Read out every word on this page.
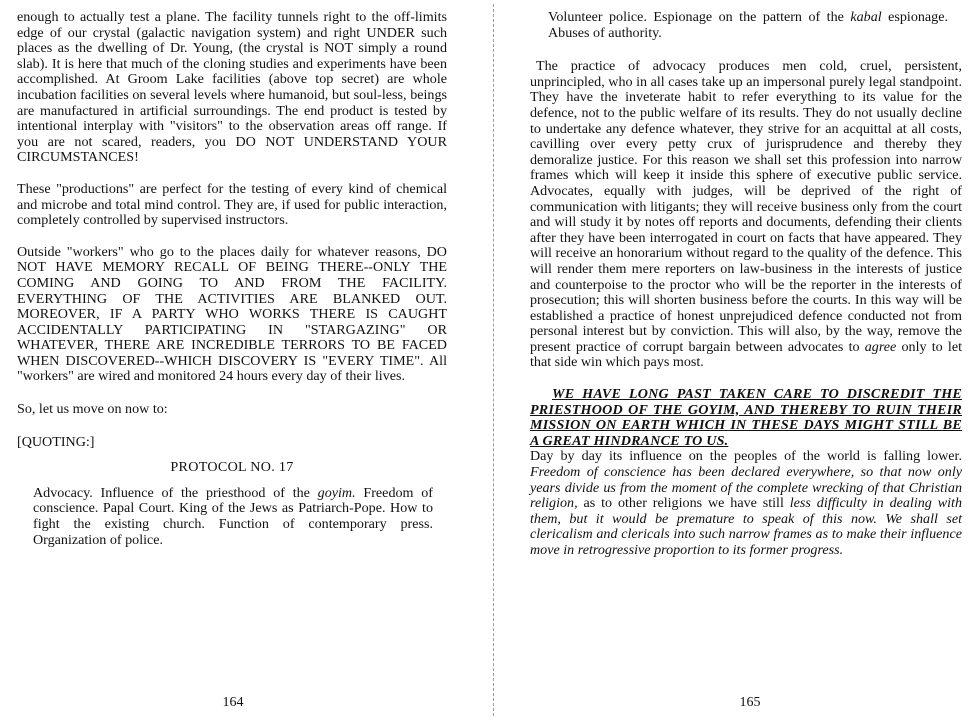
enough to actually test a plane. The facility tunnels right to the off-limits edge of our crystal (galactic navigation system) and right UNDER such places as the dwelling of Dr. Young, (the crystal is NOT simply a round slab). It is here that much of the cloning studies and experiments have been accomplished. At Groom Lake facilities (above top secret) are whole incubation facilities on several levels where humanoid, but soul-less, beings are manufactured in artificial surroundings. The end product is tested by intentional interplay with "visitors" to the observation areas off range. If you are not scared, readers, you DO NOT UNDERSTAND YOUR CIRCUMSTANCES!

These "productions" are perfect for the testing of every kind of chemical and microbe and total mind control. They are, if used for public interaction, completely controlled by supervised instructors.

Outside "workers" who go to the places daily for whatever reasons, DO NOT HAVE MEMORY RECALL OF BEING THERE--ONLY THE COMING AND GOING TO AND FROM THE FACILITY. EVERYTHING OF THE ACTIVITIES ARE BLANKED OUT. MOREOVER, IF A PARTY WHO WORKS THERE IS CAUGHT ACCIDENTALLY PARTICIPATING IN "STARGAZING" OR WHATEVER, THERE ARE INCREDIBLE TERRORS TO BE FACED WHEN DISCOVERED--WHICH DISCOVERY IS "EVERY TIME". All "workers" are wired and monitored 24 hours every day of their lives.

So, let us move on now to:

[QUOTING:]

PROTOCOL NO. 17

Advocacy. Influence of the priesthood of the goyim. Freedom of conscience. Papal Court. King of the Jews as Patriarch-Pope. How to fight the existing church. Function of contemporary press. Organization of police.

Volunteer police. Espionage on the pattern of the kabal espionage. Abuses of authority.

The practice of advocacy produces men cold, cruel, persistent, unprincipled, who in all cases take up an impersonal purely legal standpoint. They have the inveterate habit to refer everything to its value for the defence, not to the public welfare of its results. They do not usually decline to undertake any defence whatever, they strive for an acquittal at all costs, cavilling over every petty crux of jurisprudence and thereby they demoralize justice. For this reason we shall set this profession into narrow frames which will keep it inside this sphere of executive public service. Advocates, equally with judges, will be deprived of the right of communication with litigants; they will receive business only from the court and will study it by notes off reports and documents, defending their clients after they have been interrogated in court on facts that have appeared. They will receive an honorarium without regard to the quality of the defence. This will render them mere reporters on law-business in the interests of justice and counterpoise to the proctor who will be the reporter in the interests of prosecution; this will shorten business before the courts. In this way will be established a practice of honest unprejudiced defence conducted not from personal interest but by conviction. This will also, by the way, remove the present practice of corrupt bargain between advocates to agree only to let that side win which pays most.

WE HAVE LONG PAST TAKEN CARE TO DISCREDIT THE PRIESTHOOD OF THE GOYIM, AND THEREBY TO RUIN THEIR MISSION ON EARTH WHICH IN THESE DAYS MIGHT STILL BE A GREAT HINDRANCE TO US.

Day by day its influence on the peoples of the world is falling lower. Freedom of conscience has been declared everywhere, so that now only years divide us from the moment of the complete wrecking of that Christian religion, as to other religions we have still less difficulty in dealing with them, but it would be premature to speak of this now. We shall set clericalism and clericals into such narrow frames as to make their influence move in retrogressive proportion to its former progress.

164	165
